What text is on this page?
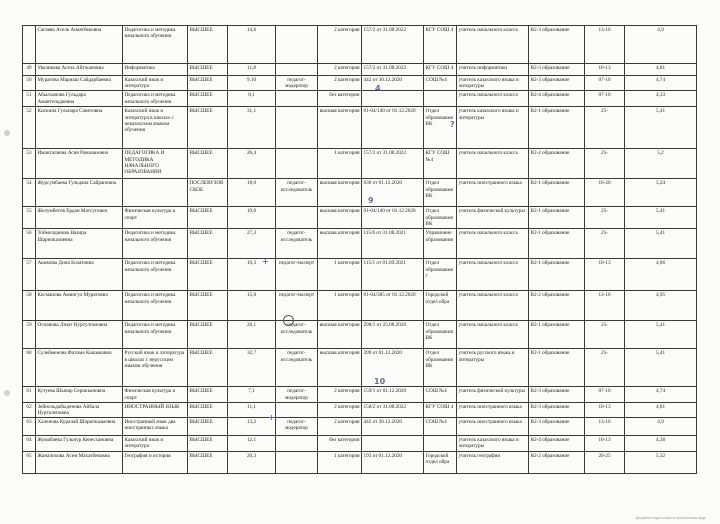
	Сагаева Асель Анаятбековна	Педагогика и методика начального обучения	ВЫСШЕЕ	14,6		2 категория	157/2 от 31.08.2022	КГУ СОШ 4	учитель начального класса	В2-3 образование	13-16	4,9
49	Уваликова Асель Айтжановна	Информатика	ВЫСШЕЕ	11,8		2 категория	157/2 от 31.08.2022	КГУ СОШ 4	учитель информатики	В2-3 образование	10-13	4,81
50	Муратова Мариаш Сайдарбаевна	Казахский язык и литература	ВЫСШЕЕ	9,10	педагог-модератор	2 категория	442 от 30.12.2020	СОШ №4	учитель казахского языка и литературы	В2-3 образование	07-10	4,74
51	Абылханова Гульдара Амантельдиевна	Педагогика и методика начального обучения	ВЫСШЕЕ	8,1		без категории			учитель начального класса	В2-4 образование	07-10	4,33
52	Кискина Гульнара Советовна	Казахский язык и литература в школах с неказахским языком обучения	ВЫСШЕЕ	31,1		высшая категория	01-04/140 от 01.12.2020	Отдел образования ВК	учитель казахского языка и литературы	В2-1 образование	25-	5,41
53	Имангалиева Асия Рамазановна	ПЕДАГОГИКА И МЕТОДИКА НАЧАЛЬНОГО ОБРАЗОВАНИЯ	ВЫСШЕЕ	26,4		1 категория	157/2 от 31.08.2022	КГУ СОШ №4	учитель начального класса	В2-2 образование	25-	5,2
54	Журсумбаева Гульдана Сайраповна		ПОСЛЕВУЗОВСКОЕ	18,0	педагог-исследователь	высшая категория	636 от 01.12.2020	Отдел образования ВК	учитель иностранного языка	В2-1 образование	16-20	5,24
55	Жолумбетов Ердан Матсугович	Физическая культура и спорт	ВЫСШЕЕ	19,0		высшая категория	01-04/140 от 01.12.2020	Отдел образования ВК	учитель физической культуры	В2-1 образование	25-	5,41
56	Тоймолданова Назира Шарипказиевна	Педагогика и методика начального обучения	ВЫСШЕЕ	27,3	педагог-исследователь	высшая категория	115/6 от 31.08.2021	Управление образования	учитель начального класса	В2-1 образование	25-	5,41
57	Акимова Дина Болатовна	Педагогика и методика начального обучения	ВЫСШЕЕ	10,3	педагог-эксперт	1 категория	115/1 от 01.09.2021	Отдел образования г	учитель начального класса	В2-1 образование	10-13	4,86
58	Косманова Амингул Муратовна	Педагогика и методика начального обучения	ВЫСШЕЕ	15,0	педагог-эксперт	1 категория	01-04/385 от 01.12.2020	Городской отдел обра	учитель начального класса	В2-2 образование	13-16	4,95
59	Оспанова Лязат Нурсултановна	Педагогика и методика начального обучения	ВЫСШЕЕ	28,1	педагог-исследователь	высшая категория	298/1 от 25.08.2020	Отдел образования ВК	учитель начального класса	В2-1 образование	25-	5,41
60	Сулейменова Фатима Кашыковна	Русский язык и литература в школах с нерусским языком обучения	ВЫСШЕЕ	32,7	педагог-исследователь	высшая категория	399 от 01.12.2020	Отдел образования ВК	учитель русского языка и литературы	В2-1 образование	25-	5,41
61	Кутуева Шынар Сериккановна	Физическая культура и спорт	ВЫСШЕЕ	7,1	педагог-модератор	2 категория	159/1 от 01.12.2020	СОШ №4	учитель физической культуры	В2-3 образование	07-10	4,74
62	Зейнольдабыденова Айбала Нуртолеповна	ИНОСТРАННЫЙ ЯЗЫК	ВЫСШЕЕ	11,1		2 категория	158/2 от 31.08.2022	КГУ СОШ 4	учитель иностранного языка	В2-3 образование	10-13	4,81
63	Халенова Куралай Шарипказыевна	Иностранный язык два иностранных языка	ВЫСШЕЕ	13,2	педагог-модератор	2 категория	442 от 30.12.2020	СОШ №4	учитель иностранного языка	В2-3 образование	13-16	4,9
64	Жумабаева Гульнур Кенесхановна	Казахский язык и литература	ВЫСШЕЕ	12,1		без категории			учитель казахского языка и литературы	В2-4 образование	10-13	4,38
65	Жаналихова Асем Махатбековна	География и история	ВЫСШЕЕ	20,3		1 категория	193 от 01.12.2020	Городской отдел обра	учитель географии	В2-2 образование	20-25	5,32
4
?
9
+
10
+
Документ подготовлен в электронном виде
